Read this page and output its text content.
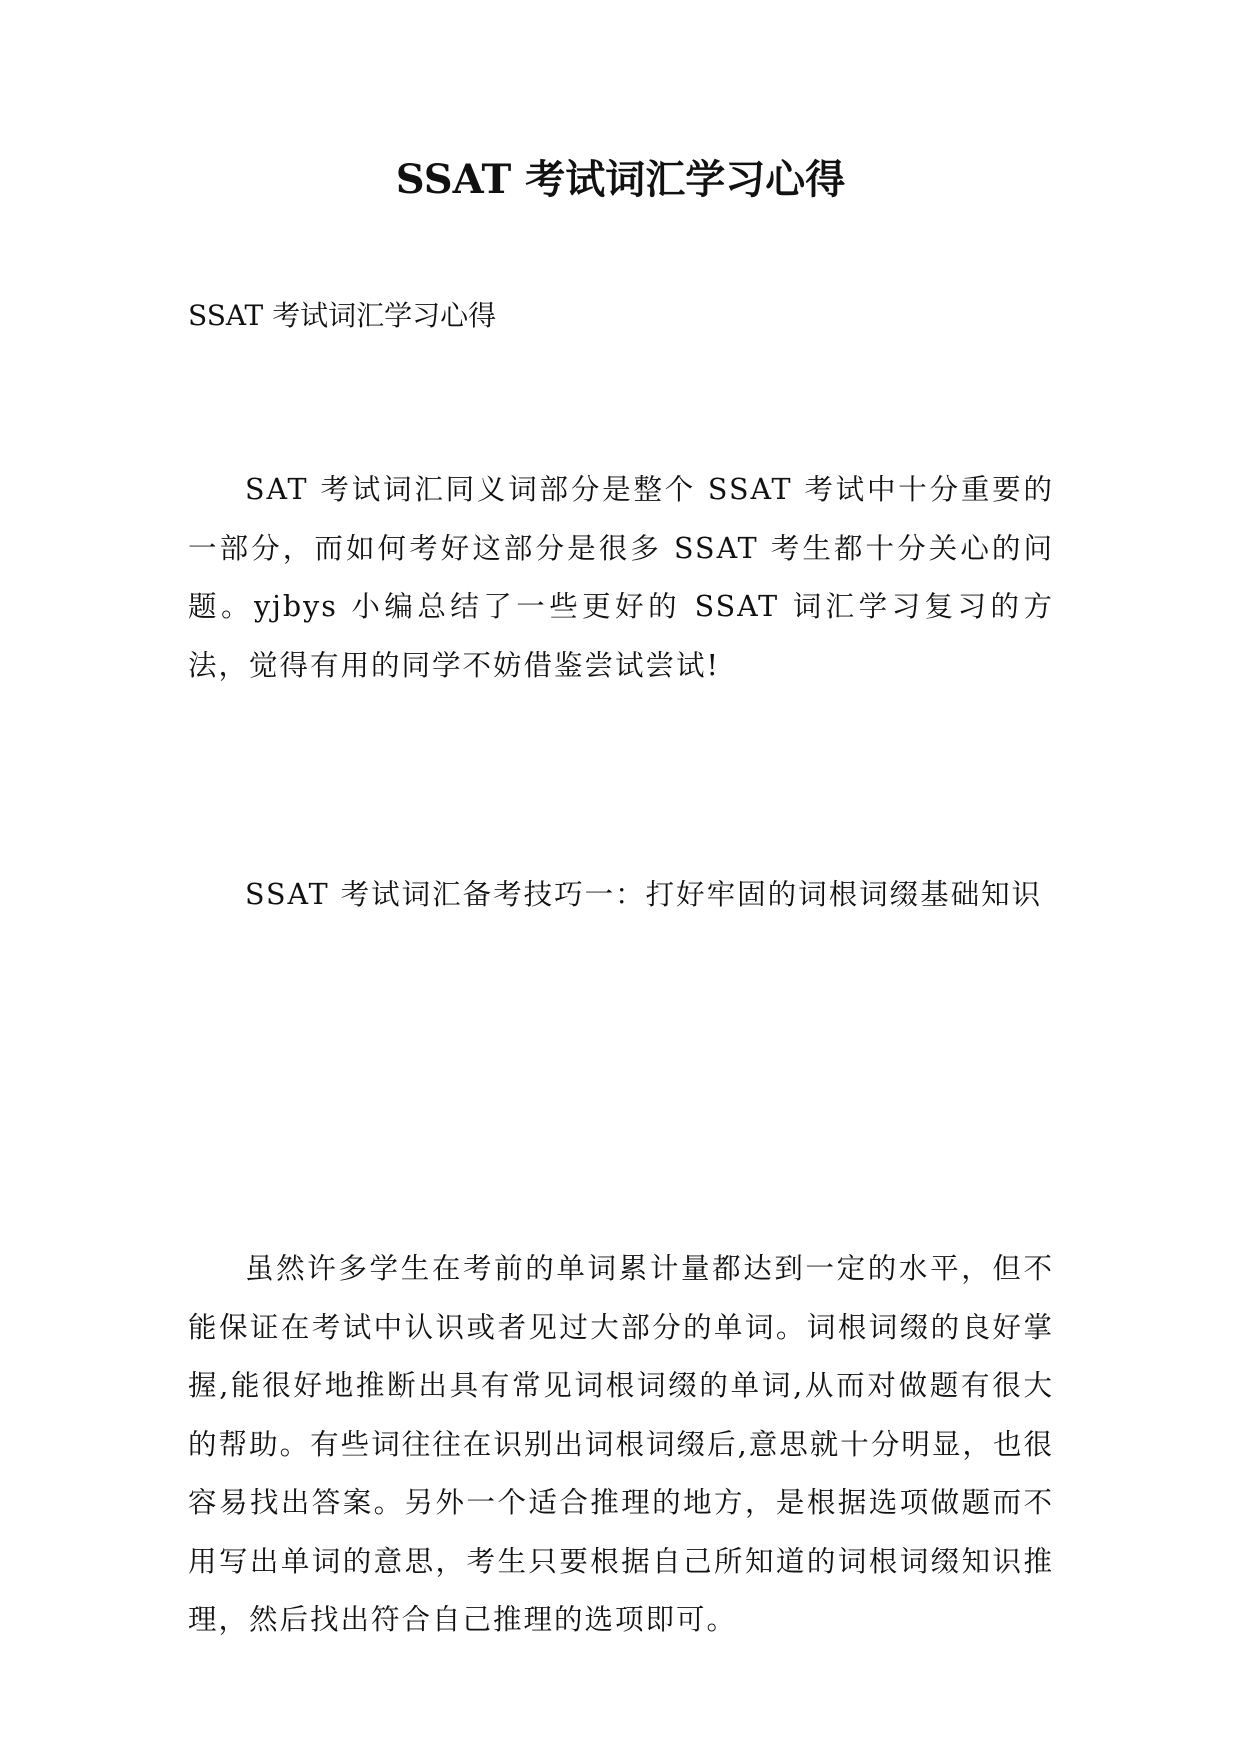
SSAT 考试词汇学习心得
SSAT 考试词汇学习心得

SAT 考试词汇同义词部分是整个 SSAT 考试中十分重要的一部分，而如何考好这部分是很多 SSAT 考生都十分关心的问题。yjbys 小编总结了一些更好的 SSAT 词汇学习复习的方法，觉得有用的同学不妨借鉴尝试尝试!

SSAT 考试词汇备考技巧一：打好牢固的词根词缀基础知识

虽然许多学生在考前的单词累计量都达到一定的水平，但不能保证在考试中认识或者见过大部分的单词。词根词缀的良好掌握,能很好地推断出具有常见词根词缀的单词,从而对做题有很大的帮助。有些词往往在识别出词根词缀后,意思就十分明显，也很容易找出答案。另外一个适合推理的地方，是根据选项做题而不用写出单词的意思，考生只要根据自己所知道的词根词缀知识推理，然后找出符合自己推理的选项即可。
